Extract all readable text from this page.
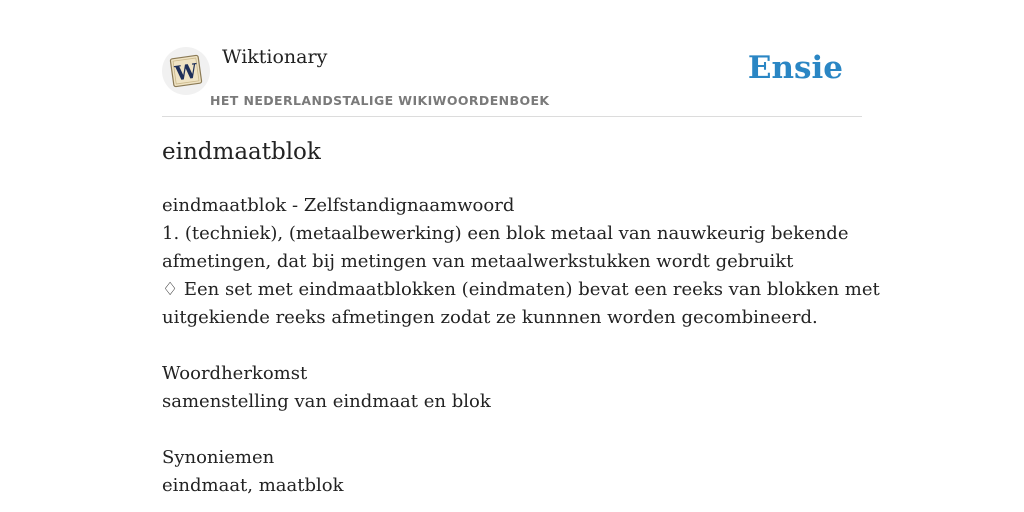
W
Wiktionary
HET NEDERLANDSTALIGE WIKIWOORDENBOEK
Ensie
eindmaatblok
eindmaatblok - Zelfstandignaamwoord
1. (techniek), (metaalbewerking) een blok metaal van nauwkeurig bekende
afmetingen, dat bij metingen van metaalwerkstukken wordt gebruikt
♢ Een set met eindmaatblokken (eindmaten) bevat een reeks van blokken met
uitgekiende reeks afmetingen zodat ze kunnnen worden gecombineerd.
Woordherkomst
samenstelling van eindmaat en blok
Synoniemen
eindmaat, maatblok
